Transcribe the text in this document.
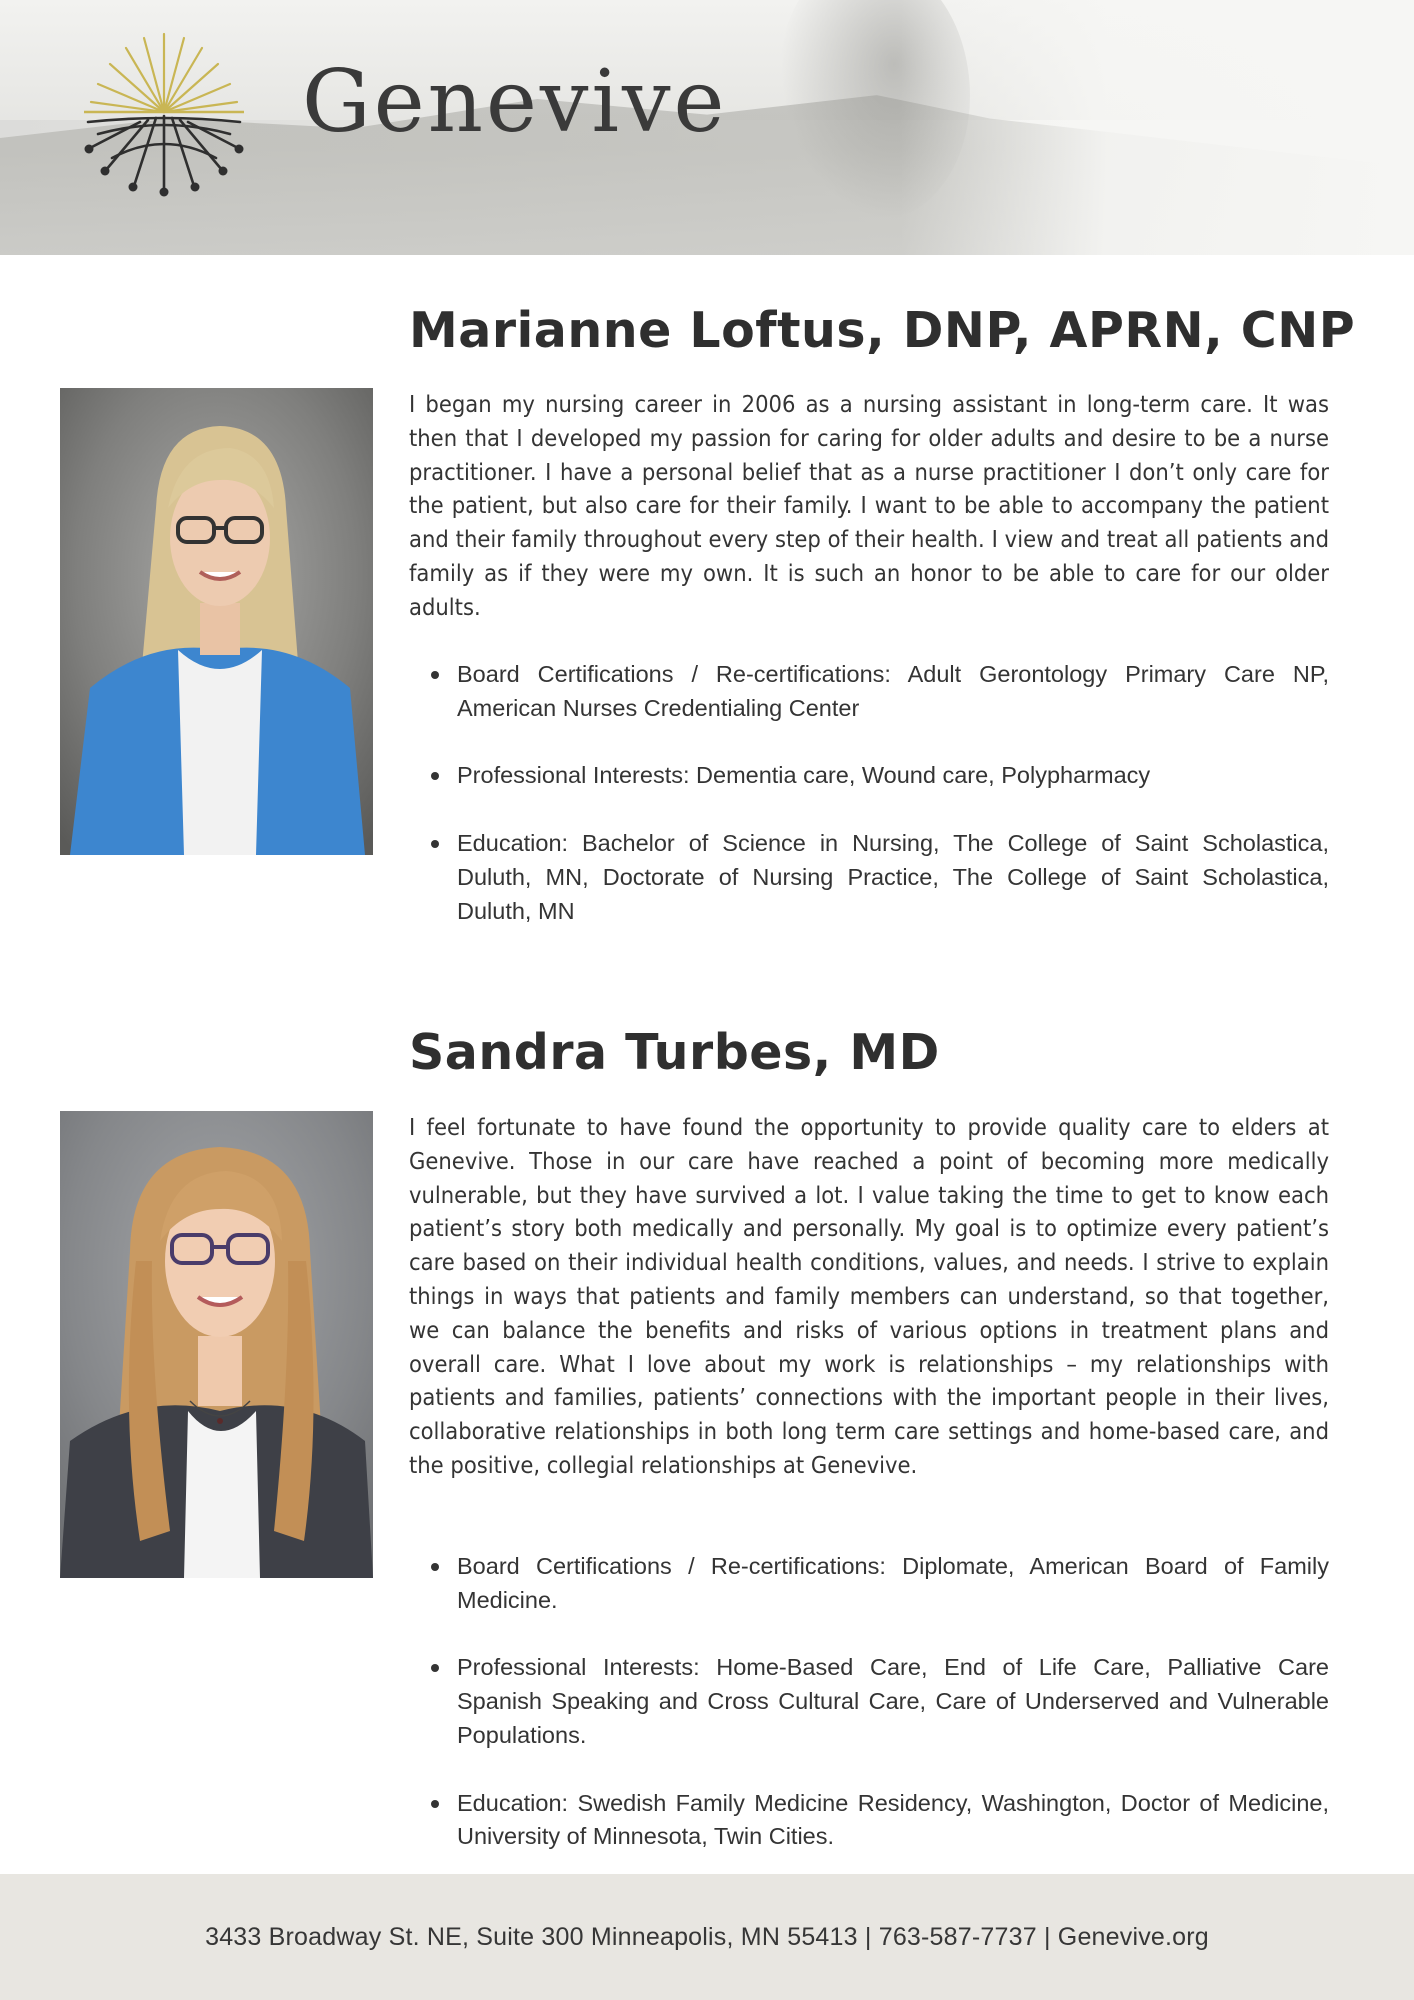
Genevive
Marianne Loftus, DNP, APRN, CNP

I began my nursing career in 2006 as a nursing assistant in long-term care. It was then that I developed my passion for caring for older adults and desire to be a nurse practitioner. I have a personal belief that as a nurse practitioner I don’t only care for the patient, but also care for their family. I want to be able to accompany the patient and their family throughout every step of their health. I view and treat all patients and family as if they were my own. It is such an honor to be able to care for our older adults.

Board Certifications / Re-certifications: Adult Gerontology Primary Care NP, American Nurses Credentialing Center
Professional Interests: Dementia care, Wound care, Polypharmacy
Education: Bachelor of Science in Nursing, The College of Saint Scholastica, Duluth, MN, Doctorate of Nursing Practice, The College of Saint Scholastica, Duluth, MN
Sandra Turbes, MD

I feel fortunate to have found the opportunity to provide quality care to elders at Genevive. Those in our care have reached a point of becoming more medically vulnerable, but they have survived a lot. I value taking the time to get to know each patient’s story both medically and personally. My goal is to optimize every patient’s care based on their individual health conditions, values, and needs. I strive to explain things in ways that patients and family members can understand, so that together, we can balance the benefits and risks of various options in treatment plans and overall care. What I love about my work is relationships – my relationships with patients and families, patients’ connections with the important people in their lives, collaborative relationships in both long term care settings and home-based care, and the positive, collegial relationships at Genevive.

Board Certifications / Re-certifications: Diplomate, American Board of Family Medicine.
Professional Interests: Home-Based Care, End of Life Care, Palliative Care Spanish Speaking and Cross Cultural Care, Care of Underserved and Vulnerable Populations.
Education: Swedish Family Medicine Residency, Washington, Doctor of Medicine, University of Minnesota, Twin Cities.
3433 Broadway St. NE, Suite 300 Minneapolis, MN 55413 | 763-587-7737 | Genevive.org
